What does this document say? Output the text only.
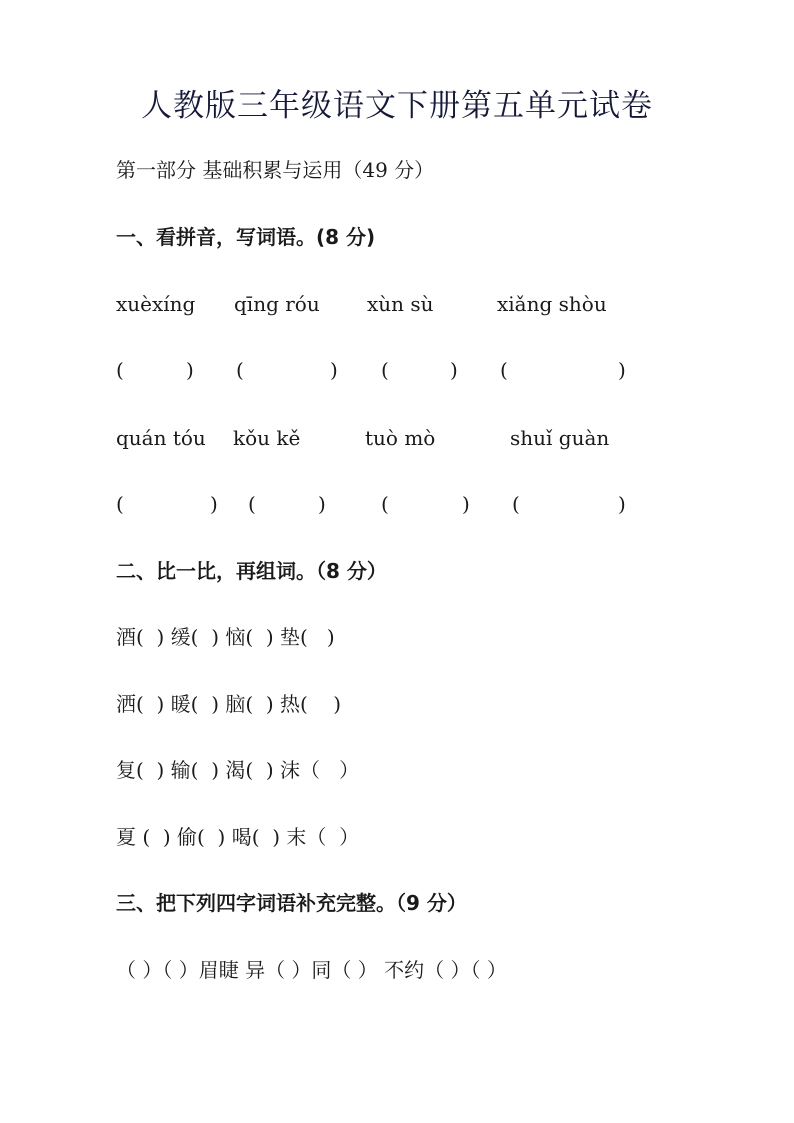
人教版三年级语文下册第五单元试卷
第一部分 基础积累与运用（49 分）
一、看拼音，写词语。(8 分)
xuèxíng qīng róu xùn sù	xiǎng shòu
(	) (	) (	) (	)
quán tóu kǒu kě	tuò mò	shuǐ guàn
(	) (	)	(	) (	)
二、比一比，再组词。（8 分）
酒(  ) 缓(  ) 恼(  ) 垫(   )
洒(  ) 暖(  ) 脑(  ) 热(    )
复(  ) 输(  ) 渴(  ) 沫（   ）
夏 (  ) 偷(  ) 喝(  ) 末（  ）
三、把下列四字词语补充完整。（9 分）
（ ）（ ）眉睫 异（ ）同（ ） 不约（ ）（ ）
